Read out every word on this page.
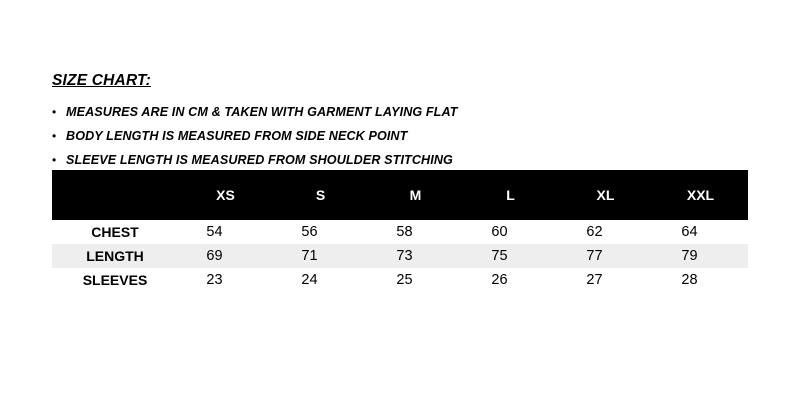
SIZE CHART:
• MEASURES ARE IN CM & TAKEN WITH GARMENT LAYING FLAT
• BODY LENGTH IS MEASURED FROM SIDE NECK POINT
• SLEEVE LENGTH IS MEASURED FROM SHOULDER STITCHING
	XS	S	M	L	XL	XXL
CHEST	54	56	58	60	62	64
LENGTH	69	71	73	75	77	79
SLEEVES	23	24	25	26	27	28
